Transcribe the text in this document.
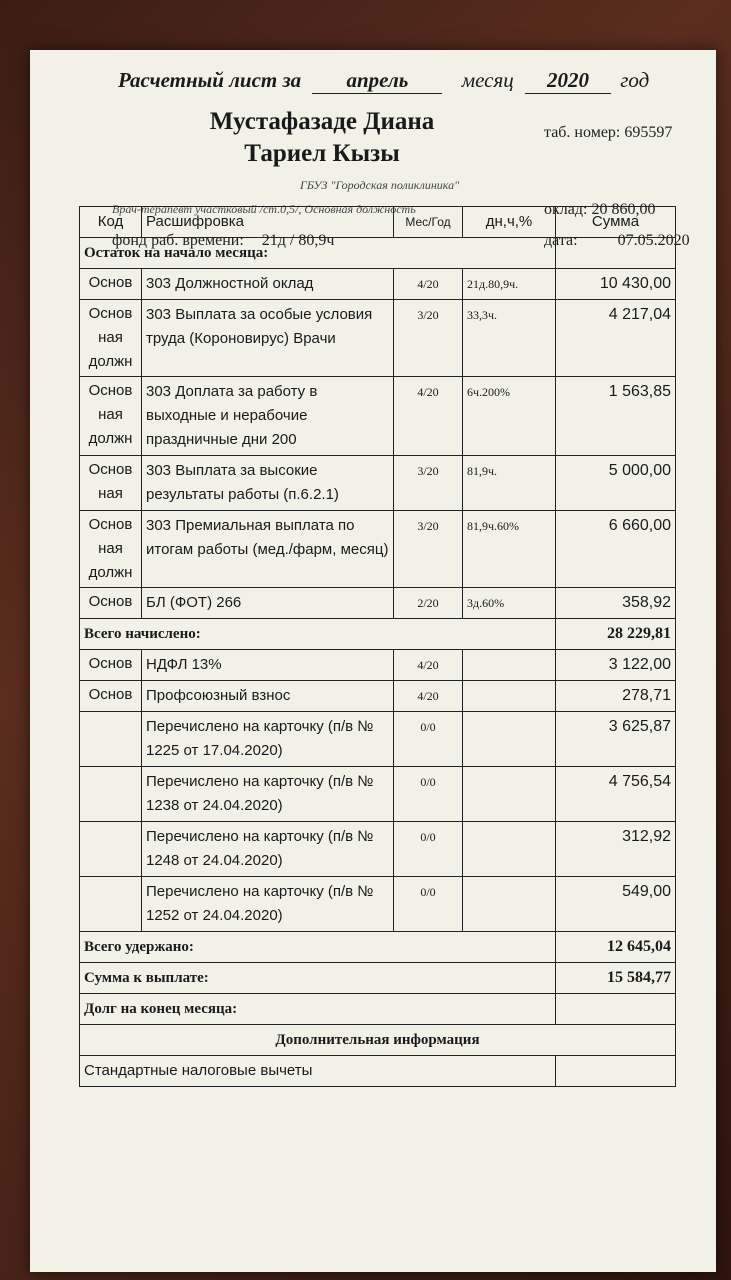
Расчетный лист за апрель	месяц 2020 год
Мустафазаде Диана
Тариел Кызы
таб. номер: 695597
ГБУЗ "Городская поликлиника"
Врач-терапевт участковый /ст.0,5/, Основная должность	оклад: 20 860,00
фонд раб. времени: 21д / 80,9ч	дата:	07.05.2020
Код	Расшифровка	Мес/Год	дн,ч,%	Сумма
Остаток на начало месяца:				
Основ	303 Должностной оклад	4/20	21д.80,9ч.	10 430,00
Основ ная должн	303 Выплата за особые условия труда (Короновирус) Врачи	3/20	33,3ч.	4 217,04
Основ ная должн	303 Доплата за работу в выходные и нерабочие праздничные дни 200	4/20	6ч.200%	1 563,85
Основ ная	303 Выплата за высокие результаты работы (п.6.2.1)	3/20	81,9ч.	5 000,00
Основ ная должн	303 Премиальная выплата по итогам работы (мед./фарм, месяц)	3/20	81,9ч.60%	6 660,00
Основ	БЛ (ФОТ) 266	2/20	3д.60%	358,92
Всего начислено:				28 229,81
Основ	НДФЛ 13%	4/20		3 122,00
Основ	Профсоюзный взнос	4/20		278,71
	Перечислено на карточку (п/в № 1225 от 17.04.2020)	0/0		3 625,87
	Перечислено на карточку (п/в № 1238 от 24.04.2020)	0/0		4 756,54
	Перечислено на карточку (п/в № 1248 от 24.04.2020)	0/0		312,92
	Перечислено на карточку (п/в № 1252 от 24.04.2020)	0/0		549,00
Всего удержано:				12 645,04
Сумма к выплате:				15 584,77
Долг на конец месяца:				
Дополнительная информация				
Стандартные налоговые вычеты				
